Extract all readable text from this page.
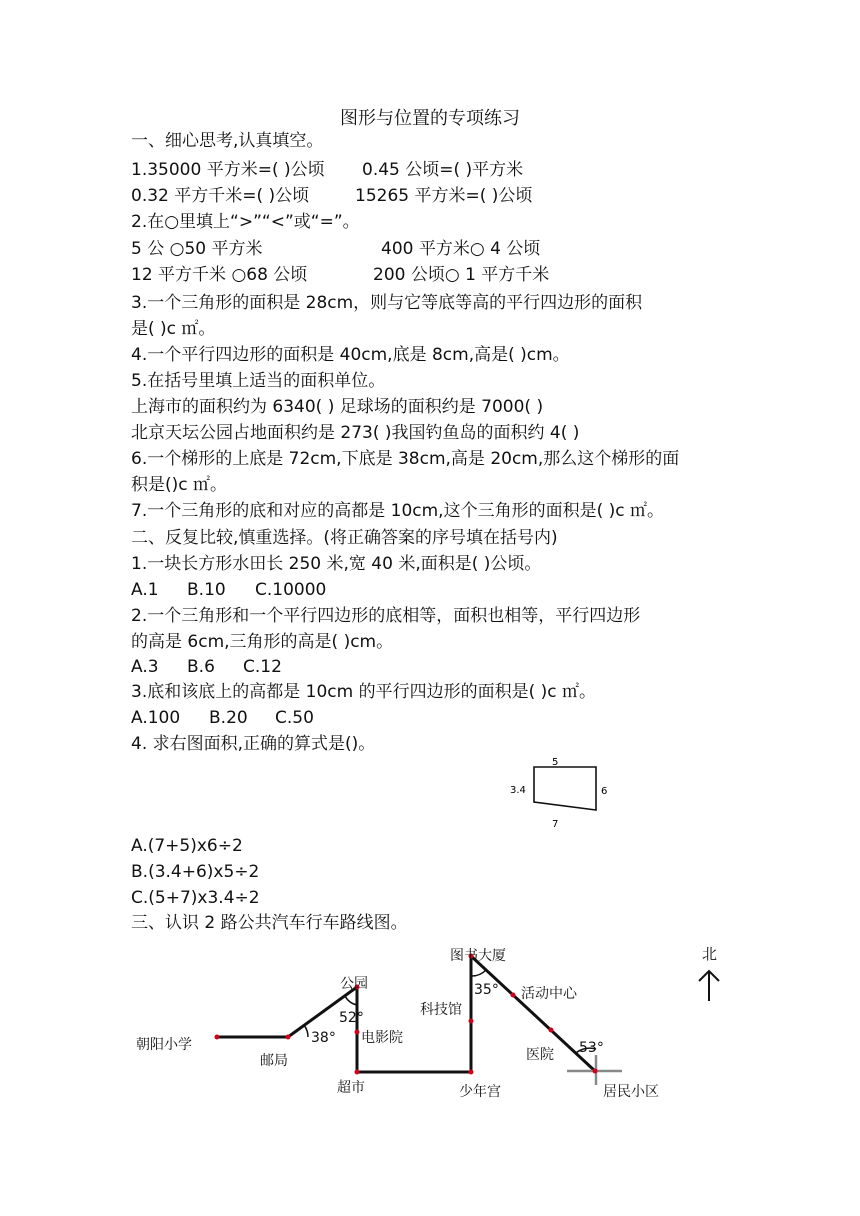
图形与位置的专项练习
一、细心思考,认真填空。
1.35000 平方米=( )公顷 0.45 公顷=( )平方米
0.32 平方千米=( )公顷	15265 平方米=( )公顷
2.在○里填上“>”“<”或“=”。
5 公 ○50 平方米	400 平方米○ 4 公顷
12 平方千米 ○68 公顷	200 公顷○ 1 平方千米
3.一个三角形的面积是 28cm，则与它等底等高的平行四边形的面积
是( )c ㎡。
4.一个平行四边形的面积是 40cm,底是 8cm,高是( )cm。
5.在括号里填上适当的面积单位。
上海市的面积约为 6340( ) 足球场的面积约是 7000( )
北京天坛公园占地面积约是 273( )我国钓鱼岛的面积约 4( )
6.一个梯形的上底是 72cm,下底是 38cm,高是 20cm,那么这个梯形的面
积是()c ㎡。
7.一个三角形的底和对应的高都是 10cm,这个三角形的面积是( )c ㎡。
二、反复比较,慎重选择。(将正确答案的序号填在括号内)
1.一块长方形水田长 250 米,宽 40 米,面积是( )公顷。
A.1 B.10 C.10000
2.一个三角形和一个平行四边形的底相等，面积也相等，平行四边形
的高是 6cm,三角形的高是( )cm。
A.3 B.6 C.12
3.底和该底上的高都是 10cm 的平行四边形的面积是( )c ㎡。
A.100 B.20 C.50
4. 求右图面积,正确的算式是()。
5
3.4	6
7
A.(7+5)x6÷2
B.(3.4+6)x5÷2
C.(5+7)x3.4÷2
三、认识 2 路公共汽车行车路线图。
朝阳小学
邮局
公园
电影院
超市
科技馆
图书大厦
少年宫
活动中心
医院
居民小区
38°
52°
35°
53°
北
